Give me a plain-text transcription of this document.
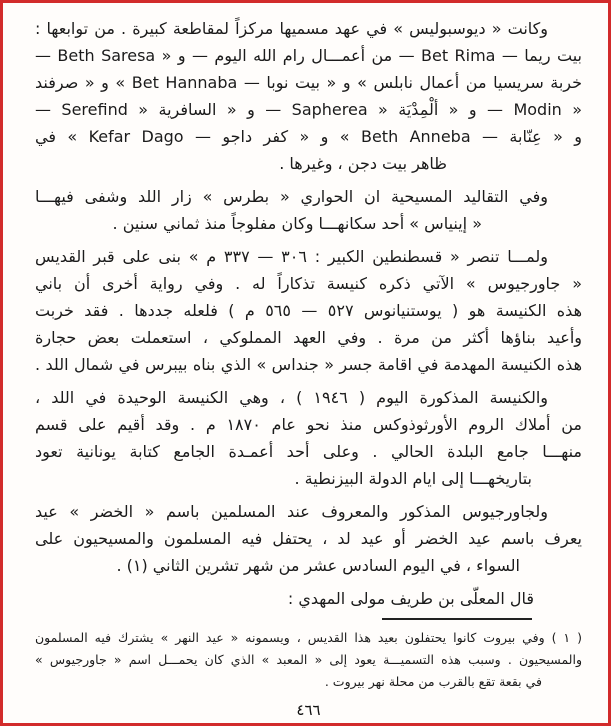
وكانت « ديوسبوليس » في عهد مسميها مركزاً لمقاطعة كبيرة . من توابعها :
بيت ريما — Bet Rima — من أعمـــال رام الله اليوم — و « Beth Saresa —
خربة سريسيا من أعمال نابلس » و « بيت نوبا — Bet Hannaba » و « صرفند
— Serefind » و « السافرية — Sapherea » و « ألْمِدْيَة — Modin »
و « عِنّابة — Beth Anneba » و « كفر داجو — Kefar Dago » في
ظاهر بيت دجن ، وغيرها .
وفي التقاليد المسيحية ان الحواري « بطرس » زار اللد وشفى فيهـــا
« إينياس » أحد سكانهـــا وكان مفلوجاً منذ ثماني سنين .
ولمـــا تنصر « قسطنطين الكبير : ٣٠٦ — ٣٣٧ م » بنى على قبر القديس
« جاورجيوس » الآتي ذكره كنيسة تذكاراً له . وفي رواية أخرى أن باني
هذه الكنيسة هو ( يوستنيانوس ٥٢٧ — ٥٦٥ م ) فلعله جددها . فقد خربت
وأعيد بناؤها أكثر من مرة . وفي العهد المملوكي ، استعملت بعض حجارة
هذه الكنيسة المهدمة في اقامة جسر « جنداس » الذي بناه بيبرس في شمال اللد .
والكنيسة المذكورة اليوم ( ١٩٤٦ ) ، وهي الكنيسة الوحيدة في اللد ،
من أملاك الروم الأورثوذوكس منذ نحو عام ١٨٧٠ م . وقد أقيم على قسم
منهـــا جامع البلدة الحالي . وعلى أحد أعمـدة الجامع كتابة يونانية تعود
بتاريخهـــا إلى ايام الدولة البيزنطية .
ولجاورجيوس المذكور والمعروف عند المسلمين باسم « الخضر » عيد
يعرف باسم عيد الخضر أو عيد لد ، يحتفل فيه المسلمون والمسيحيون على
السواء ، في اليوم السادس عشر من شهر تشرين الثاني (١) .
قال المعلّى بن طريف مولى المهدي :
( ١ ) وفي بيروت كانوا يحتفلون بعيد هذا القديس ، ويسمونه « عيد النهر » يشترك فيه المسلمون
والمسيحيون . وسبب هذه التسميـــة يعود إلى « المعبد » الذي كان يحمـــل اسم « جاورجيوس »
في بقعة تقع بالقرب من محلة نهر بيروت .
٤٦٦
